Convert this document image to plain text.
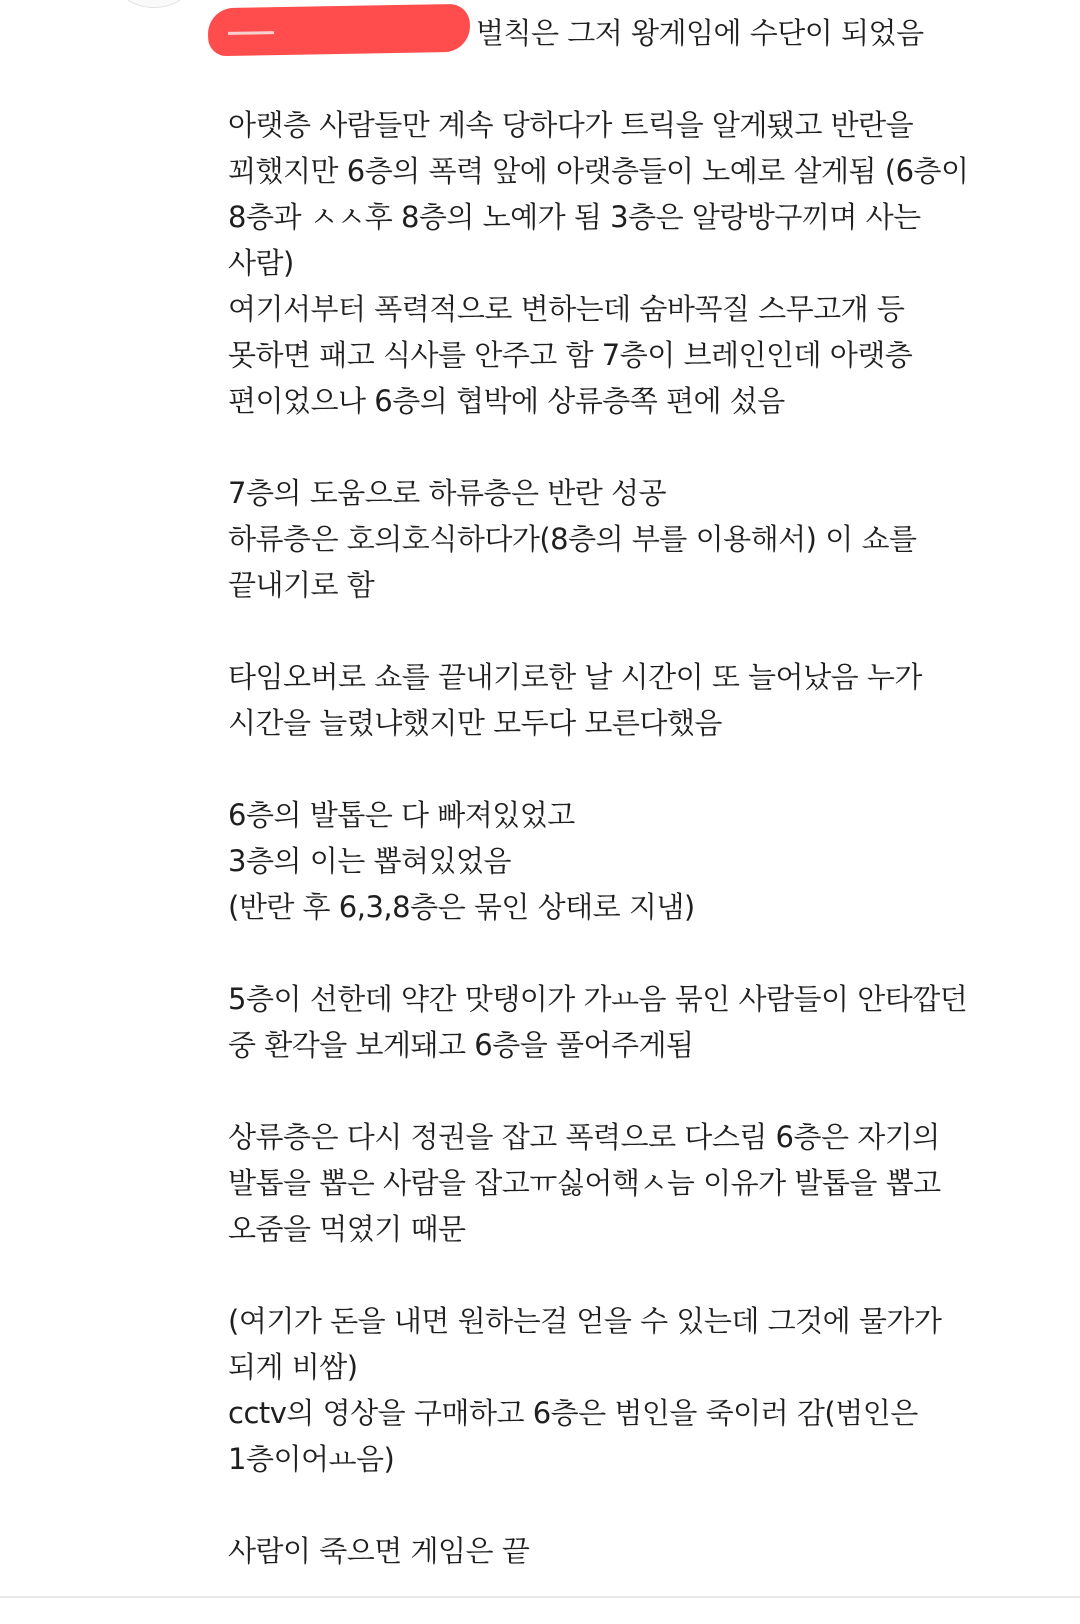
벌칙은 그저 왕게임에 수단이 되었음
아랫층 사람들만 계속 당하다가 트릭을 알게됐고 반란을
꾀했지만 6층의 폭력 앞에 아랫층들이 노예로 살게됨 (6층이
8층과 ㅅㅅ후 8층의 노예가 됨 3층은 알랑방구끼며 사는
사람)
여기서부터 폭력적으로 변하는데 숨바꼭질 스무고개 등
못하면 패고 식사를 안주고 함 7층이 브레인인데 아랫층
편이었으나 6층의 협박에 상류층쪽 편에 섰음
7층의 도움으로 하류층은 반란 성공
하류층은 호의호식하다가(8층의 부를 이용해서) 이 쇼를
끝내기로 함
타임오버로 쇼를 끝내기로한 날 시간이 또 늘어났음 누가
시간을 늘렸냐했지만 모두다 모른다했음
6층의 발톱은 다 빠져있었고
3층의 이는 뽑혀있었음
(반란 후 6,3,8층은 묶인 상태로 지냄)
5층이 선한데 약간 맛탱이가 가ㅛ음 묶인 사람들이 안타깝던
중 환각을 보게돼고 6층을 풀어주게됨
상류층은 다시 정권을 잡고 폭력으로 다스림 6층은 자기의
발톱을 뽑은 사람을 잡고ㅠ싫어핵ㅅ늠 이유가 발톱을 뽑고
오줌을 먹였기 때문
(여기가 돈을 내면 원하는걸 얻을 수 있는데 그것에 물가가
되게 비쌈)
cctv의 영상을 구매하고 6층은 범인을 죽이러 감(범인은
1층이어ㅛ음)
사람이 죽으면 게임은 끝
